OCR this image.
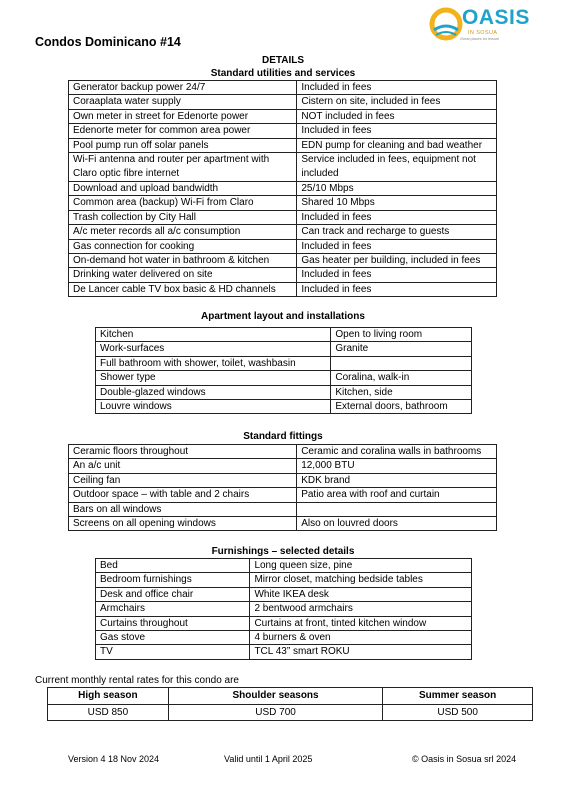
Condos Dominicano #14
OASIS
IN SOSUA
Great places for leisure
DETAILS
Standard utilities and services
Generator backup power 24/7	Included in fees
Coraaplata water supply	Cistern on site, included in fees
Own meter in street for Edenorte power	NOT included in fees
Edenorte meter for common area power	Included in fees
Pool pump run off solar panels	EDN pump for cleaning and bad weather
Wi-Fi antenna and router per apartment with Claro optic fibre internet	Service included in fees, equipment not included
Download and upload bandwidth	25/10 Mbps
Common area (backup) Wi-Fi from Claro	Shared 10 Mbps
Trash collection by City Hall	Included in fees
A/c meter records all a/c consumption	Can track and recharge to guests
Gas connection for cooking	Included in fees
On-demand hot water in bathroom & kitchen	Gas heater per building, included in fees
Drinking water delivered on site	Included in fees
De Lancer cable TV box basic & HD channels	Included in fees
Apartment layout and installations
Kitchen	Open to living room
Work-surfaces	Granite
Full bathroom with shower, toilet, washbasin	
Shower type	Coralina, walk-in
Double-glazed windows	Kitchen, side
Louvre windows	External doors, bathroom
Standard fittings
Ceramic floors throughout	Ceramic and coralina walls in bathrooms
An a/c unit	12,000 BTU
Ceiling fan	KDK brand
Outdoor space – with table and 2 chairs	Patio area with roof and curtain
Bars on all windows	
Screens on all opening windows	Also on louvred doors
Furnishings – selected details
Bed	Long queen size, pine
Bedroom furnishings	Mirror closet, matching bedside tables
Desk and office chair	White IKEA desk
Armchairs	2 bentwood armchairs
Curtains throughout	Curtains at front, tinted kitchen window
Gas stove	4 burners & oven
TV	TCL 43” smart ROKU
Current monthly rental rates for this condo are
High season	Shoulder seasons	Summer season
USD 850	USD 700	USD 500
Version 4 18 Nov 2024	Valid until 1 April 2025	© Oasis in Sosua srl 2024
